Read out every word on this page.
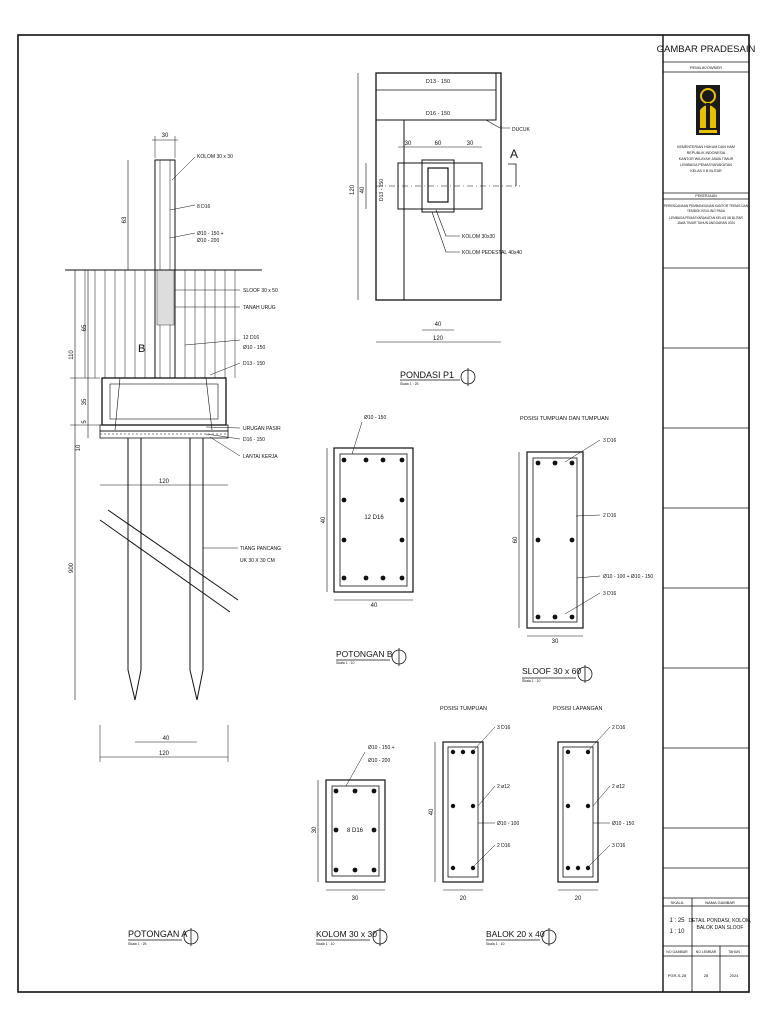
GAMBAR PRADESAIN
PEMILIK/OWNER
KEMENTERIAN HUKUM DAN HAM
REPUBLIK INDONESIA
KANTOR WILAYAH JAWA TIMUR
LEMBAGA PEMASYARAKATAN
KELAS II B BLITAR
PEKERJAAN
PERENCANAAN PEMBANGUNAN KANTOR TEKNIS DAN
TEMBOK KELILING PADA
LEMBAGA PEMASYARAKATAN KELAS IIB BLITAR
JAWA TIMUR TAHUN ANGGARAN 2024
SKALA	NAMA GAMBAR
1 : 25
1 : 10
DETAIL PONDASI, KOLOM,
BALOK DAN SLOOF
NO GAMBAR NO LEMBAR	TAHUN
PGR-S-28	28	2024
D13 - 150
D16 - 150
DUCUK
A
30	60	30
120 40	D13 - 150
40
120
KOLOM 30x30
KOLOM PEDESTAL 40x40
PONDASI P1
Skala 1 : 25
30
KOLOM 30 x 30
63
8 D16
Ø10 - 150 +
Ø10 - 200
SLOOF 30 x 50
TANAH URUG
12 D16
Ø10 - 150
D13 - 150
B
65
110
35
5
10
URUGAN PASIR
D16 - 150
LANTAI KERJA
120
TIANG PANCANG
UK 30 X 30 CM
900
40
120
POTONGAN A
Skala 1 : 25
Ø10 - 150
12 D16
40
40
POTONGAN B
Skala 1 : 10
POSISI TUMPUAN DAN TUMPUAN
3 D16
2 D16
Ø10 - 100 + Ø10 - 150
3 D16
60
30
SLOOF 30 x 60
Skala 1 : 10
Ø10 - 150 +
Ø10 - 200
8 D16
30
30
KOLOM 30 x 30
Skala 1 : 10
POSISI TUMPUAN	POSISI LAPANGAN
3 D16
2 ø12
Ø10 - 100
2 D16
2 D16
2 ø12
Ø10 - 150
3 D16
40
20	20
BALOK 20 x 40
Skala 1 : 10
